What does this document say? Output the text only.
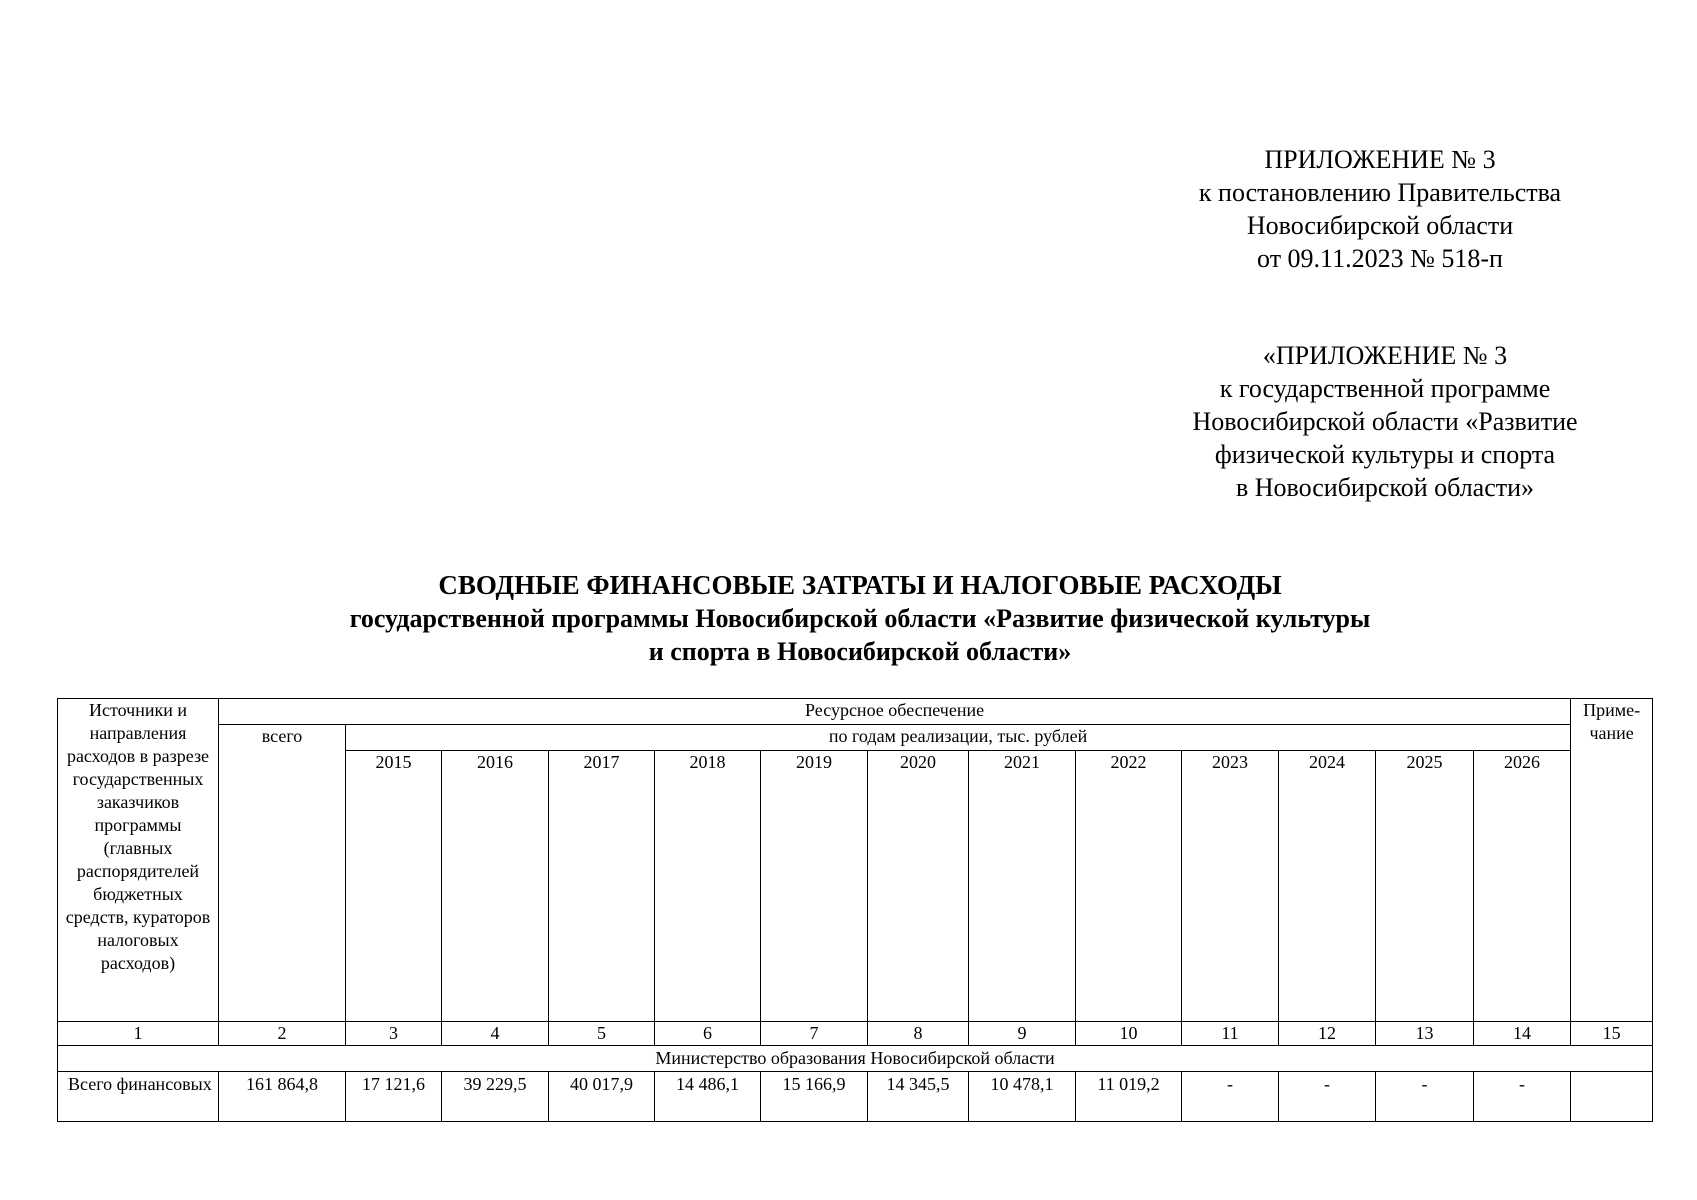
ПРИЛОЖЕНИЕ № 3
к постановлению Правительства
Новосибирской области
от 09.11.2023 № 518-п
«ПРИЛОЖЕНИЕ № 3
к государственной программе
Новосибирской области «Развитие
физической культуры и спорта
в Новосибирской области»
СВОДНЫЕ ФИНАНСОВЫЕ ЗАТРАТЫ И НАЛОГОВЫЕ РАСХОДЫ
государственной программы Новосибирской области «Развитие физической культуры
и спорта в Новосибирской области»
Источники и направления расходов в разрезе государственных заказчиков программы (главных распорядителей бюджетных средств, кураторов налоговых расходов)	Ресурсное обеспечение													Приме-чание
	всего	по годам реализации, тыс. рублей												
		2015	2016	2017	2018	2019	2020	2021	2022	2023	2024	2025	2026	
1	2	3	4	5	6	7	8	9	10	11	12	13	14	15
Министерство образования Новосибирской области														
Всего финансовых	161 864,8	17 121,6	39 229,5	40 017,9	14 486,1	15 166,9	14 345,5	10 478,1	11 019,2	-	-	-	-	
